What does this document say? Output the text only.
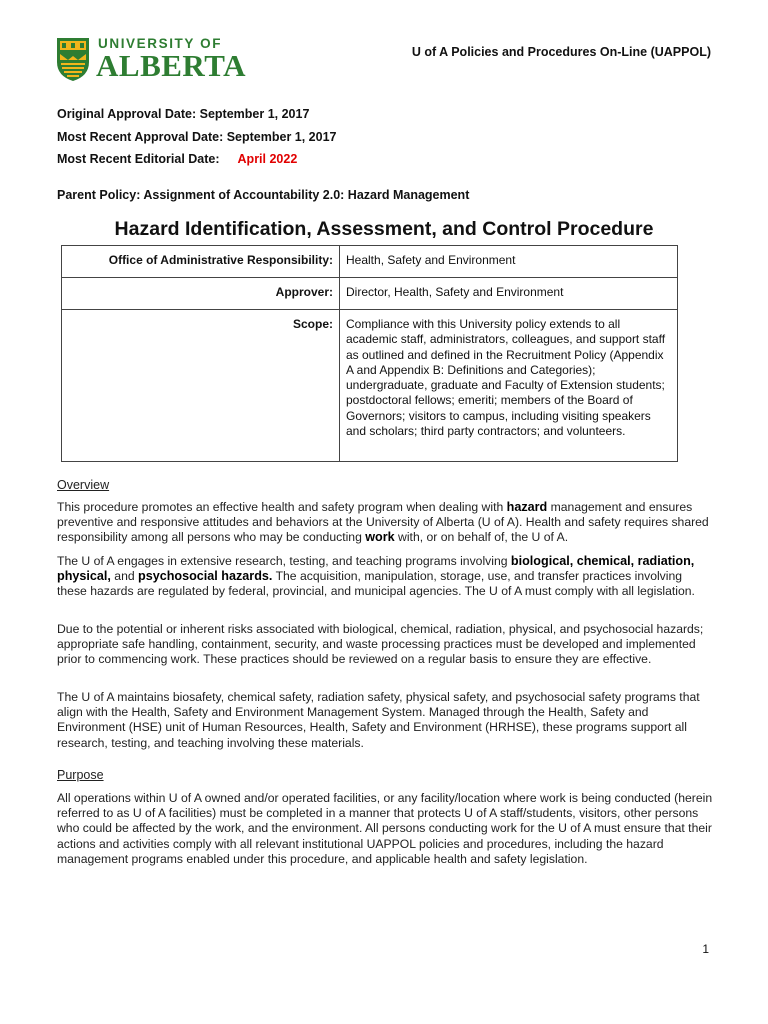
UNIVERSITY OF
ALBERTA	U of A Policies and Procedures On-Line (UAPPOL)
Original Approval Date: September 1, 2017
Most Recent Approval Date: September 1, 2017
Most Recent Editorial Date: April 2022
Parent Policy: Assignment of Accountability 2.0: Hazard Management
Hazard Identification, Assessment, and Control Procedure
Office of Administrative Responsibility:	Health, Safety and Environment
Approver:	Director, Health, Safety and Environment
Scope:	Compliance with this University policy extends to all academic staff, administrators, colleagues, and support staff as outlined and defined in the Recruitment Policy (Appendix A and Appendix B: Definitions and Categories); undergraduate, graduate and Faculty of Extension students; postdoctoral fellows; emeriti; members of the Board of Governors; visitors to campus, including visiting speakers and scholars; third party contractors; and volunteers.
Overview
This procedure promotes an effective health and safety program when dealing with hazard management and ensures preventive and responsive attitudes and behaviors at the University of Alberta (U of A). Health and safety requires shared responsibility among all persons who may be conducting work with, or on behalf of, the U of A.
The U of A engages in extensive research, testing, and teaching programs involving biological, chemical, radiation, physical, and psychosocial hazards. The acquisition, manipulation, storage, use, and transfer practices involving these hazards are regulated by federal, provincial, and municipal agencies. The U of A must comply with all legislation.
Due to the potential or inherent risks associated with biological, chemical, radiation, physical, and psychosocial hazards; appropriate safe handling, containment, security, and waste processing practices must be developed and implemented prior to commencing work. These practices should be reviewed on a regular basis to ensure they are effective.
The U of A maintains biosafety, chemical safety, radiation safety, physical safety, and psychosocial safety programs that align with the Health, Safety and Environment Management System. Managed through the Health, Safety and Environment (HSE) unit of Human Resources, Health, Safety and Environment (HRHSE), these programs support all research, testing, and teaching involving these materials.
Purpose
All operations within U of A owned and/or operated facilities, or any facility/location where work is being conducted (herein referred to as U of A facilities) must be completed in a manner that protects U of A staff/students, visitors, other persons who could be affected by the work, and the environment. All persons conducting work for the U of A must ensure that their actions and activities comply with all relevant institutional UAPPOL policies and procedures, including the hazard management programs enabled under this procedure, and applicable health and safety legislation.
1
